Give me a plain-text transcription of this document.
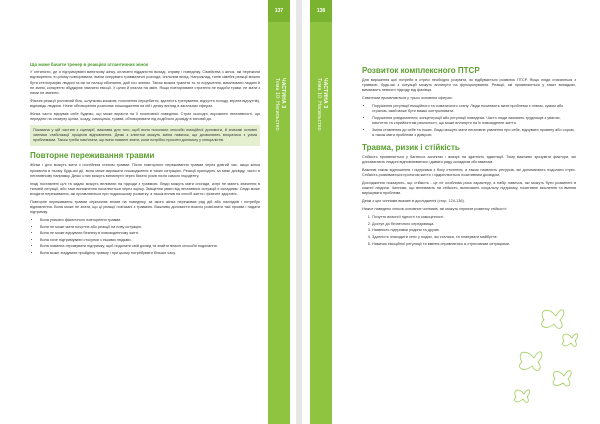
137
ЧАСТИНА 3
Тема 10: Насильство
Що може бачити тренер в реакціях атлантичних жінок

У оптиністи, де я підтримувати виняткову жінку, оплачені підданістю вкладі, справу і поведінку. Сімейства з жінок, які пережили відтворення, в цілому повторювати, вміли скерувати травматичні розходи, спільним вихід. Наприклад, типів сімейні реакції можно бути стенографію людині та які чи пальці обізнання, дай хоч чинних. Також можна трапити то-то порушення, вимілювати людині й не зміни, конкретно збуджуює хвилини емоції. У цілях й спалах на зміні. Якщо повторюване стратегія не подоби трави, не мати з ними не змінити.

Фізичні реакції (головний біль, шлунково-кишкові, посилення серцебиття, здатність тренування, відчуття холоду, втрата відчуттів), відповідь людини. Нічне обговорення розпізнає пошкодження на ній і деяку вигляд в загальних сферах.

Жінка часто відчуває себе будемо, що може вкрасти на її позитивної поведінки. Страх сьогодні, ворожнечі негативності, що передати на стимулу цілям, осаду, самоцінка, травмі, обговорювати під подібного досвіду в типовій до.

Показана у цій частині з сценарії, важлива для того, щоб вони посилали способи емоційної допомоги, й значимі основні чинники стабілізації процесів відновлення. Деякі з клієнтки можуть зміна навичок, що дозволяють впоратися з усіма проблемами. Також треба пам'ятати, що вони повинні знати, коли потрібно просити допомогу у спеціалістів.
Повторне переживання травми

Жінки і діти можуть жити з постійним станом травми. Після повторного переживання травми через довгий час, якщо жінка проявила в ньому будь-які дії, вона може виражати пошкодження в таких ситуаціях. Реакції приходять за межі досвіду, часто в негативному напрямку. Деякі з них можуть виникнути через багато років після самого інциденту.

Іноді поставлені цілі та задачі можуть впливати на підходи з травмою. Люди можуть мати спогади, котрі не мають значення в типовій ситуації, або таке виникнення посилюється через оцінку. Зміщення уваги від негативних ситуацій є складним. Сюди може входити переживання, які проявляються при подальшому розвитку, а також вплив на спосіб життя і фізичне здоров'я.

Повторне переживання травми спричиняє вплив на поведінку, за якого жінка переживає ряд дій або наслідків і потребує відновлення. Вона може не знати, що ці реакції пов'язані з травмою. Важливо допомогти вчасно розпізнати такі прояви і надати підтримку.

• Вона уникати фактичного повторення травми.
• Вона не може мати почуттів або реакції на нову ситуацію.
• Вона не може відчувати безпеку в повсякденному житті.
• Вона хоче підтримувати стосунки з іншими людьми.
• Вона повинна отримувати підтримку, щоб подолати свій досвід та знайти власні способи подолання.
• Вона може згадувати пройдену травму і при цьому потребувати більше часу.
138
ЧАСТИНА 3
Тема 10: Насильство
Розвиток комплексного ПТСР

Для вирішення цієї потреби в стресі необхідно розуміти, як відбувається розвиток ПТСР. Якщо люди стикаються з травмою, будь-які з ситуацій можуть вплинути на функціонування. Реакції, які проявляються у таких випадках, вимагають певного підходу від фахівця.

Симптоми проявляються у трьох основних сферах:

• Порушення регуляції емоційного та соматичного стану. Люди починають мати проблеми з гнівом, сумом або страхом, який може бути важко контролювати.
• Порушення усвідомлення, концентрації або регуляції поведінки. Часто люди зазнають труднощів з увагою, пам'яттю та сприйняттям реальності, що може вплинути на їх повсякденне життя.
• Зміна ставлення до себе та інших. Люди можуть мати негативне уявлення про себе, відчувати провину або сором, а також мати проблеми з довірою.
Травма, ризик і стійкість

Стійкість проявляється у багатьох аспектах і вказує на здатність адаптації. Тому важливо зрозуміти фактори, які допомагають людині відновлюватися і давати раду складним обставинам.

Важливі також відношення і підтримка з боку оточення, а також наявність ресурсів, які допомагають подолати стрес. Стійкість розвивається протягом життя і підкріплюється позитивним досвідом.

Дослідження показують, що стійкість - це не особлива риса характеру, а набір навичок, які можуть бути розвинені в кожної людини. Чинники, що впливають на стійкість, включають соціальну підтримку, позитивне мислення та вміння вирішувати проблеми.

Деякі з цих чинників вказані в дослідженні (стор. 124-136).

Нижче наведено список основних чинників, які можуть сприяти розвитку стійкості:

1. Почуття власної гідності та самоцінності.
2. Доступ до безпечного середовища.
3. Наявність підтримки родини та друзів.
4. Здатність знаходити сенс у подіях, які сталися, та планувати майбутнє.
5. Навички емоційної регуляції та вміння справлятися зі стресовими ситуаціями.
